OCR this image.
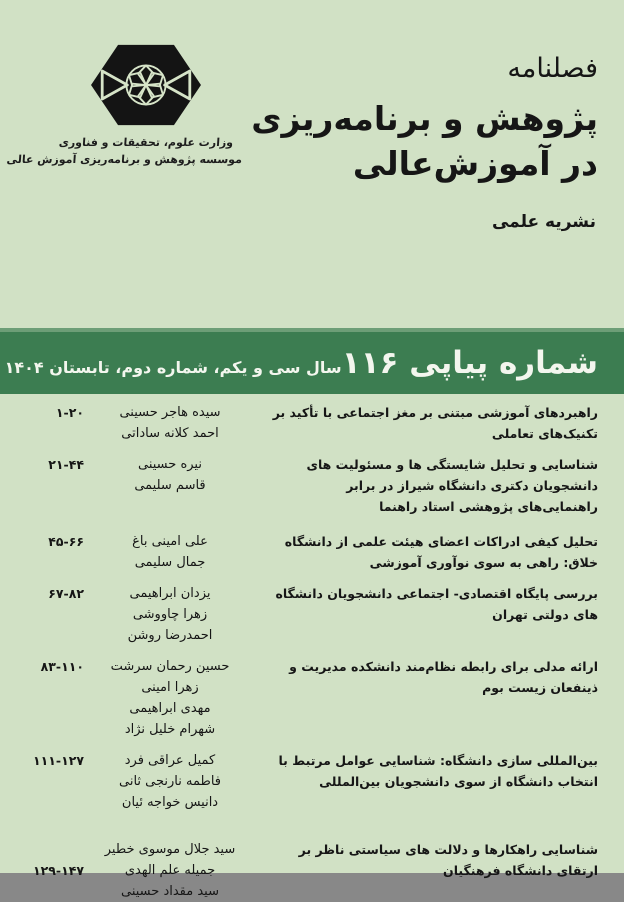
وزارت علوم، تحقیقات و فناوری
موسسه پژوهش و برنامه‌ریزی آموزش عالی
فصلنامه
پژوهش و برنامه‌ریزی
در آموزش‌عالی
نشریه علمی
شماره پیاپی ۱۱۶
سال سی و یکم، شماره دوم، تابستان ۱۴۰۴
راهبردهای آموزشی مبتنی بر مغز اجتماعی با تأکید بر تکنیک‌های تعاملی
سیده هاجر حسینی
احمد کلانه ساداتی
۱-۲۰
شناسایی و تحلیل شایستگی ها و مسئولیت های دانشجویان دکتری دانشگاه شیراز در برابر راهنمایی‌های پژوهشی استاد راهنما
نیره حسینی
قاسم سلیمی
۲۱-۴۴
تحلیل کیفی ادراکات اعضای هیئت علمی از دانشگاه خلاق: راهی به سوی نوآوری آموزشی
علی امینی باغ
جمال سلیمی
۴۵-۶۶
بررسی پایگاه اقتصادی- اجتماعی دانشجویان دانشگاه های دولتی تهران
یزدان ابراهیمی
زهرا چاووشی
احمدرضا روشن
۶۷-۸۲
ارائه مدلی برای رابطه نظام‌مند دانشکده مدیریت و ذینفعان زیست بوم
حسین رحمان سرشت
زهرا امینی
مهدی ابراهیمی
شهرام خلیل نژاد
۸۳-۱۱۰
بین‌المللی سازی دانشگاه: شناسایی عوامل مرتبط با انتخاب دانشگاه از سوی دانشجویان بین‌المللی
کمیل عراقی فرد
فاطمه نارنجی ثانی
دانیس خواجه ئیان
۱۱۱-۱۲۷
شناسایی راهکارها و دلالت های سیاستی ناظر بر ارتقای دانشگاه فرهنگیان
سید جلال موسوی خطیر
جمیله علم الهدی
سید مقداد حسینی
۱۲۹-۱۴۷
